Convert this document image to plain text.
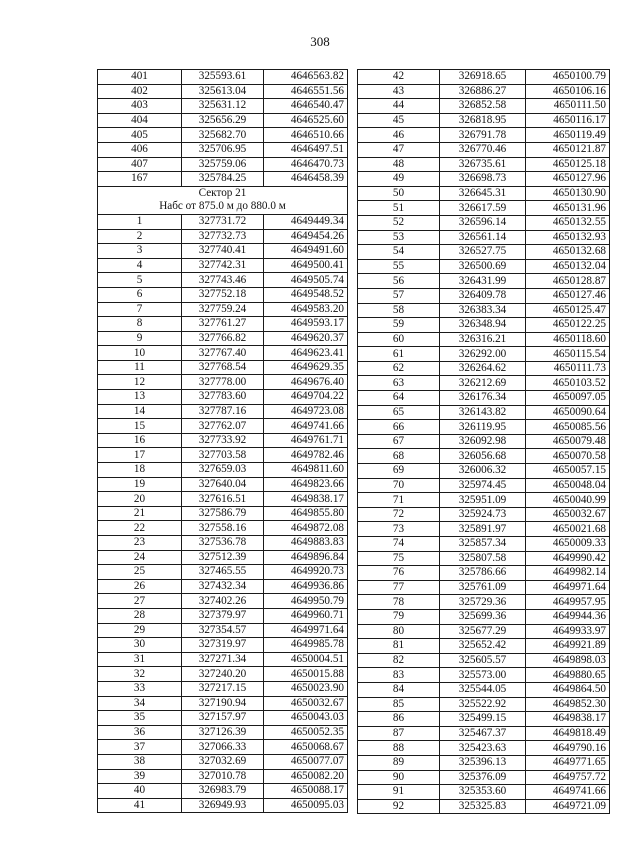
308
401	325593.61	4646563.82
402	325613.04	4646551.56
403	325631.12	4646540.47
404	325656.29	4646525.60
405	325682.70	4646510.66
406	325706.95	4646497.51
407	325759.06	4646470.73
167	325784.25	4646458.39

Сектор 21
Набс от 875.0 м до 880.0 м		

1	327731.72	4649449.34
2	327732.73	4649454.26
3	327740.41	4649491.60
4	327742.31	4649500.41
5	327743.46	4649505.74
6	327752.18	4649548.52
7	327759.24	4649583.20
8	327761.27	4649593.17
9	327766.82	4649620.37
10	327767.40	4649623.41
11	327768.54	4649629.35
12	327778.00	4649676.40
13	327783.60	4649704.22
14	327787.16	4649723.08
15	327762.07	4649741.66
16	327733.92	4649761.71
17	327703.58	4649782.46
18	327659.03	4649811.60
19	327640.04	4649823.66
20	327616.51	4649838.17
21	327586.79	4649855.80
22	327558.16	4649872.08
23	327536.78	4649883.83
24	327512.39	4649896.84
25	327465.55	4649920.73
26	327432.34	4649936.86
27	327402.26	4649950.79
28	327379.97	4649960.71
29	327354.57	4649971.64
30	327319.97	4649985.78
31	327271.34	4650004.51
32	327240.20	4650015.88
33	327217.15	4650023.90
34	327190.94	4650032.67
35	327157.97	4650043.03
36	327126.39	4650052.35
37	327066.33	4650068.67
38	327032.69	4650077.07
39	327010.78	4650082.20
40	326983.79	4650088.17
41	326949.93	4650095.03
42	326918.65	4650100.79
43	326886.27	4650106.16
44	326852.58	4650111.50
45	326818.95	4650116.17
46	326791.78	4650119.49
47	326770.46	4650121.87
48	326735.61	4650125.18
49	326698.73	4650127.96
50	326645.31	4650130.90
51	326617.59	4650131.96
52	326596.14	4650132.55
53	326561.14	4650132.93
54	326527.75	4650132.68
55	326500.69	4650132.04
56	326431.99	4650128.87
57	326409.78	4650127.46
58	326383.34	4650125.47
59	326348.94	4650122.25
60	326316.21	4650118.60
61	326292.00	4650115.54
62	326264.62	4650111.73
63	326212.69	4650103.52
64	326176.34	4650097.05
65	326143.82	4650090.64
66	326119.95	4650085.56
67	326092.98	4650079.48
68	326056.68	4650070.58
69	326006.32	4650057.15
70	325974.45	4650048.04
71	325951.09	4650040.99
72	325924.73	4650032.67
73	325891.97	4650021.68
74	325857.34	4650009.33
75	325807.58	4649990.42
76	325786.66	4649982.14
77	325761.09	4649971.64
78	325729.36	4649957.95
79	325699.36	4649944.36
80	325677.29	4649933.97
81	325652.42	4649921.89
82	325605.57	4649898.03
83	325573.00	4649880.65
84	325544.05	4649864.50
85	325522.92	4649852.30
86	325499.15	4649838.17
87	325467.37	4649818.49
88	325423.63	4649790.16
89	325396.13	4649771.65
90	325376.09	4649757.72
91	325353.60	4649741.66
92	325325.83	4649721.09
